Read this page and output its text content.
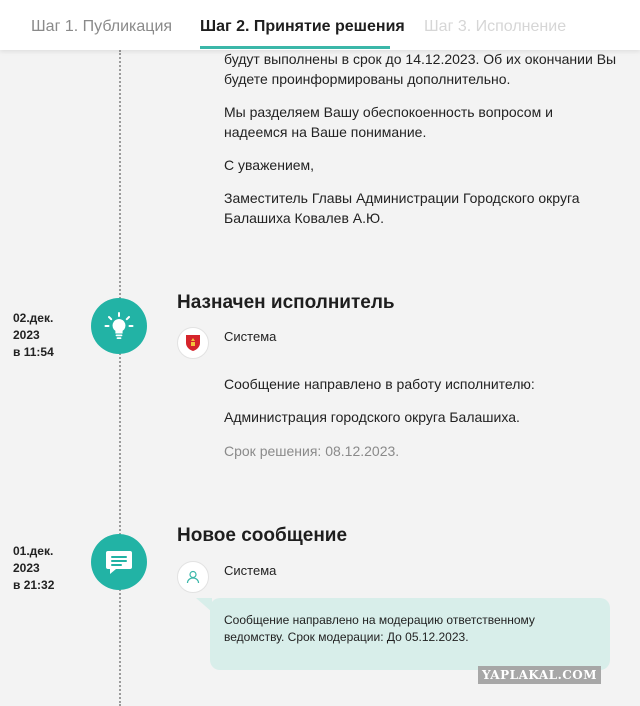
Шаг 1. Публикация Шаг 2. Принятие решения Шаг 3. Исполнение
будут выполнены в срок до 14.12.2023. Об их окончании Вы будете проинформированы дополнительно.
Мы разделяем Вашу обеспокоенность вопросом и надеемся на Ваше понимание.
С уважением,
Заместитель Главы Администрации Городского округа Балашиха Ковалев А.Ю.
02.дек.
2023
в 11:54
Назначен исполнитель
Система
Сообщение направлено в работу исполнителю:
Администрация городского округа Балашиха.
Срок решения: 08.12.2023.
01.дек.
2023
в 21:32
Новое сообщение
Система
Сообщение направлено на модерацию ответственному ведомству. Срок модерации: До 05.12.2023.
YAPLAKAL.COM
